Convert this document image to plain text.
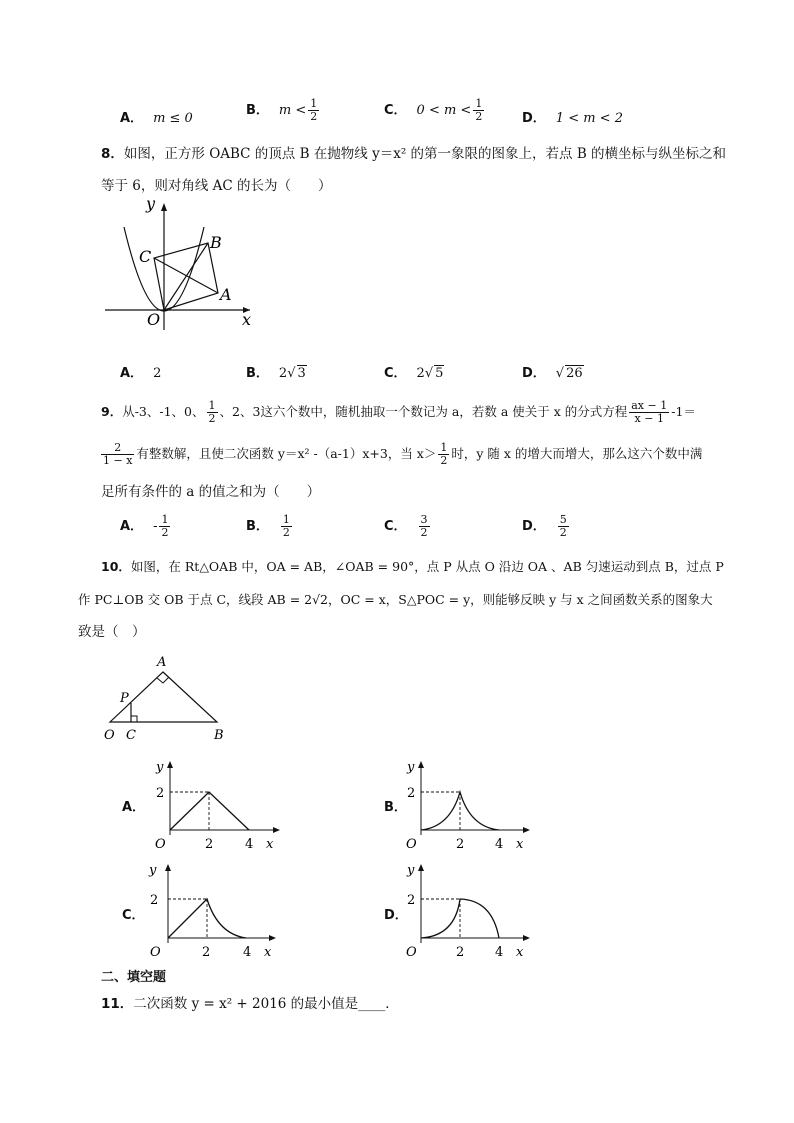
A． m ≤ 0
B． $m < \frac{1}{2}$	C． $0 < m < \frac{1}{2}$	D． 1 < m < 2
8．如图，正方形 OABC 的顶点 B 在抛物线 y＝x² 的第一象限的图象上，若点 B 的横坐标与纵坐标之和
等于 6，则对角线 AC 的长为（　　）
y
x
O
A
B
C
A． 2	B． 2√ 3	C． 2√ 5	D． √ 26
9．从-3、-1、0、 $\frac{1}{2}$ 、2、3这六个数中，随机抽取一个数记为 a，若数 a 使关于 x 的分式方程 $\frac{ax - 1}{x - 1} -1=$
$\frac{2}{1 - x}$ 有整数解，且使二次函数 y＝x² -（a-1）x+3，当 $x> \frac{1}{2}$ 时，y 随 x 的增大而增大，那么这六个数中满
足所有条件的 a 的值之和为（　　）
A． - $\frac{1}{2}$	B． $\frac{1}{2}$	C． $\frac{3}{2}$	D． $\frac{5}{2}$
10．如图，在 Rt△OAB 中，OA = AB，∠OAB = 90°，点 P 从点 O 沿边 OA 、AB 匀速运动到点 B，过点 P
作 PC⊥OB 交 OB 于点 C，线段 AB = 2√2，OC = x，S△POC = y，则能够反映 y 与 x 之间函数关系的图象大
致是（　）
A
P
O C	B
A．
y
2
O	2 4 x
B．
y
2
O	2 4 x
C．
y
2
O	2	4 x
D．
y
2
O	2 4 x
二、填空题
11．二次函数 y = x² + 2016 的最小值是____．
